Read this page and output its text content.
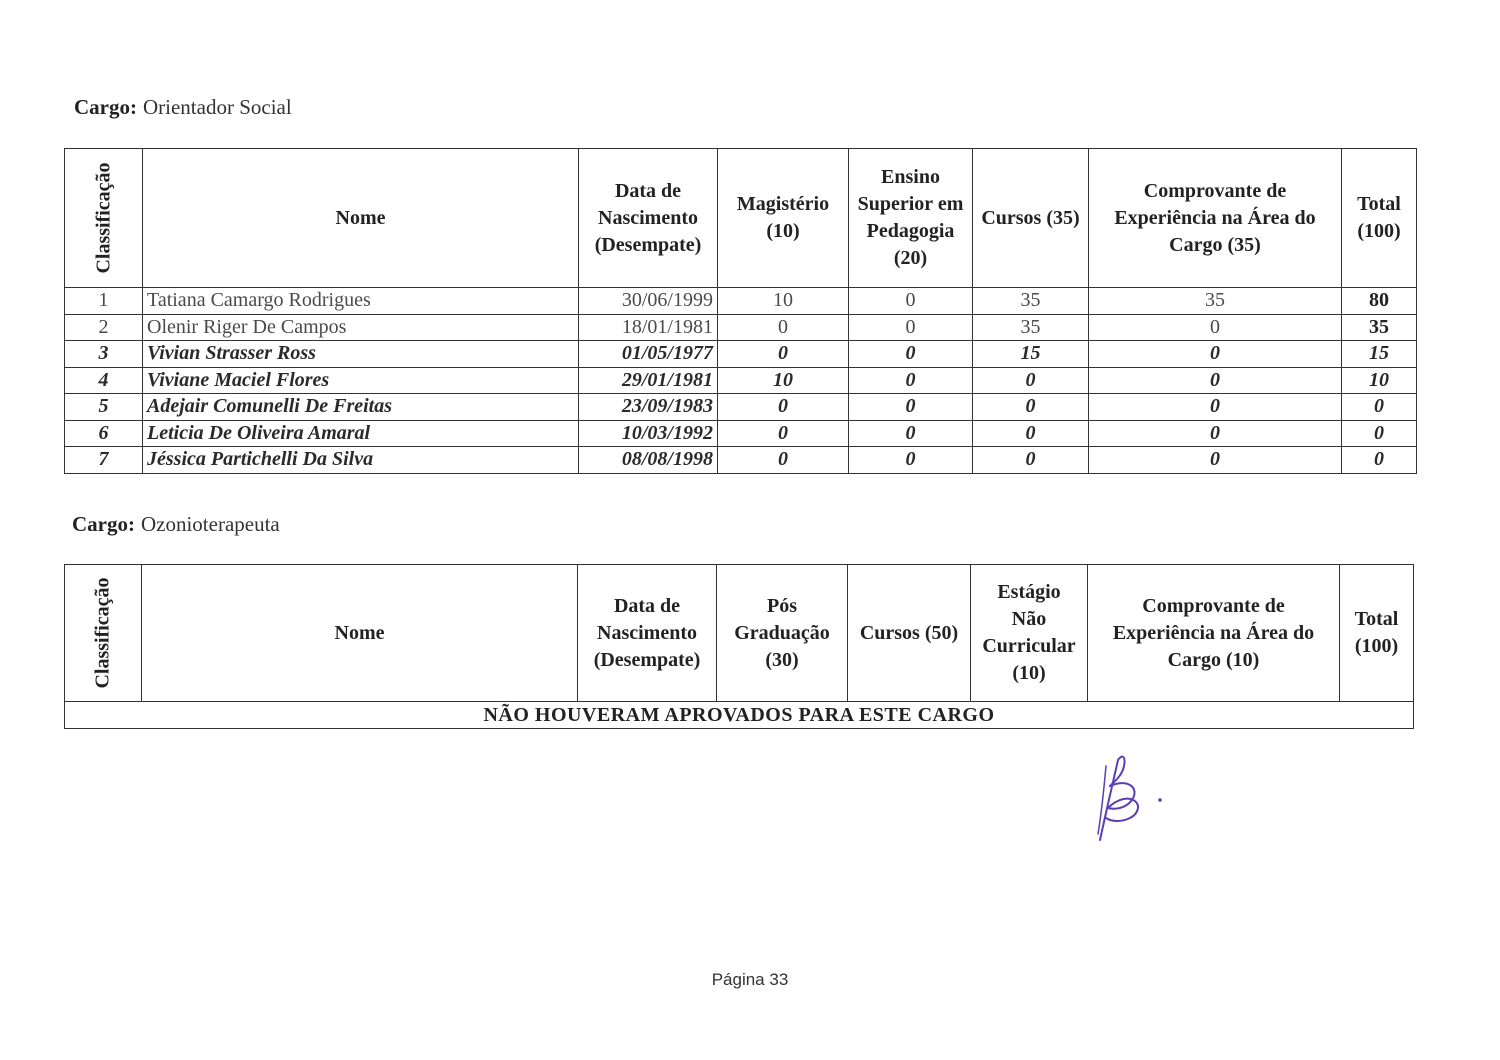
Cargo: Orientador Social
Classificação	Nome	Data de
Nascimento
(Desempate)	Magistério
(10)	Ensino
Superior em
Pedagogia
(20)	Cursos (35)	Comprovante de
Experiência na Área do
Cargo (35)	Total
(100)
1	Tatiana Camargo Rodrigues	30/06/1999	10	0	35	35	80
2	Olenir Riger De Campos	18/01/1981	0	0	35	0	35
3	Vivian Strasser Ross	01/05/1977	0	0	15	0	15
4	Viviane Maciel Flores	29/01/1981	10	0	0	0	10
5	Adejair Comunelli De Freitas	23/09/1983	0	0	0	0	0
6	Leticia De Oliveira Amaral	10/03/1992	0	0	0	0	0
7	Jéssica Partichelli Da Silva	08/08/1998	0	0	0	0	0
Cargo: Ozonioterapeuta
Classificação	Nome	Data de
Nascimento
(Desempate)	Pós
Graduação
(30)	Cursos (50)	Estágio
Não
Curricular
(10)	Comprovante de
Experiência na Área do
Cargo (10)	Total
(100)
NÃO HOUVERAM APROVADOS PARA ESTE CARGO
Página 33
